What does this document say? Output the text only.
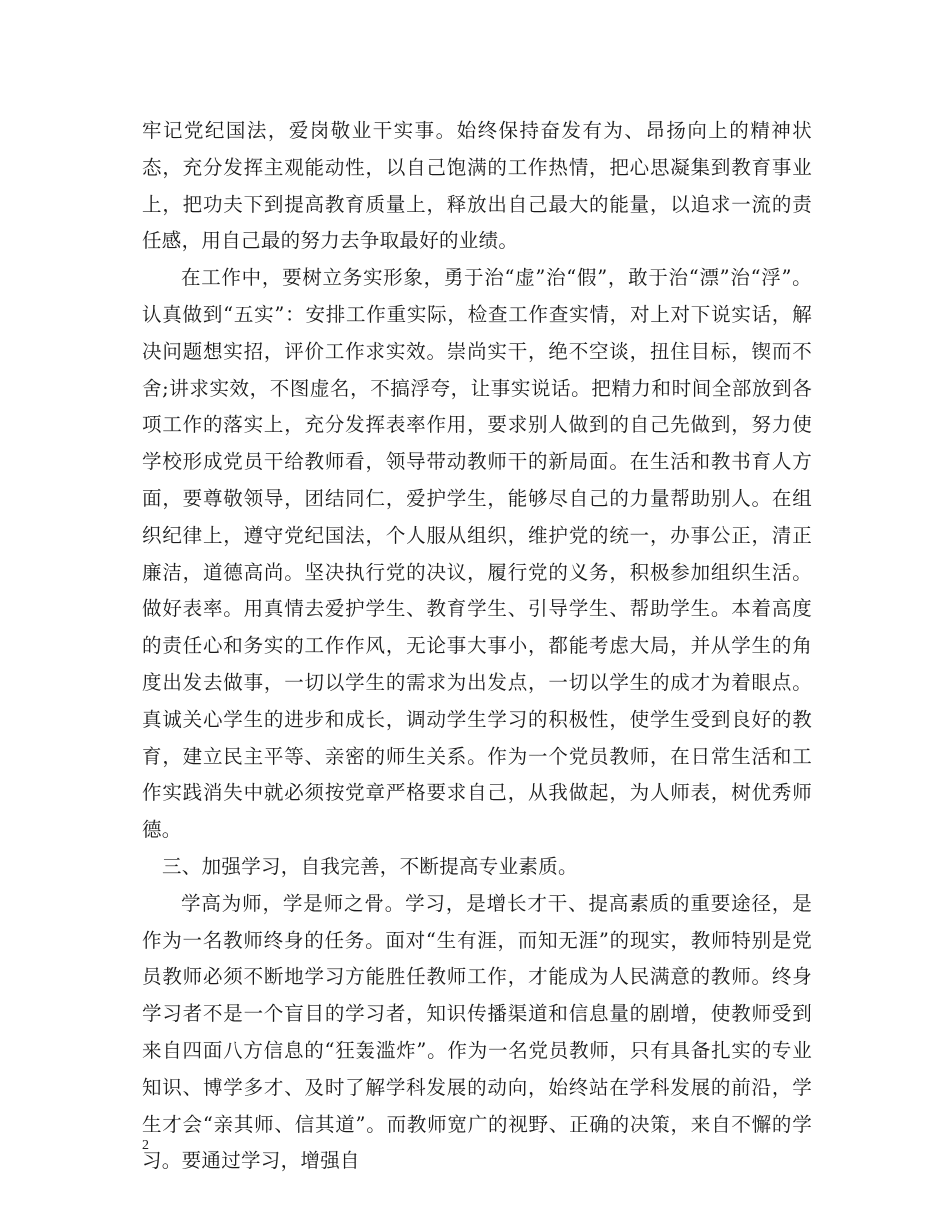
牢记党纪国法，爱岗敬业干实事。始终保持奋发有为、昂扬向上的精神状态，充分发挥主观能动性，以自己饱满的工作热情，把心思凝集到教育事业上，把功夫下到提高教育质量上，释放出自己最大的能量，以追求一流的责任感，用自己最的努力去争取最好的业绩。

在工作中，要树立务实形象，勇于治“虚”治“假”，敢于治“漂”治“浮”。认真做到“五实”：安排工作重实际，检查工作查实情，对上对下说实话，解决问题想实招，评价工作求实效。崇尚实干，绝不空谈，扭住目标，锲而不舍;讲求实效，不图虚名，不搞浮夸，让事实说话。把精力和时间全部放到各项工作的落实上，充分发挥表率作用，要求别人做到的自己先做到，努力使学校形成党员干给教师看，领导带动教师干的新局面。在生活和教书育人方面，要尊敬领导，团结同仁，爱护学生，能够尽自己的力量帮助别人。在组织纪律上，遵守党纪国法，个人服从组织，维护党的统一，办事公正，清正廉洁，道德高尚。坚决执行党的决议，履行党的义务，积极参加组织生活。做好表率。用真情去爱护学生、教育学生、引导学生、帮助学生。本着高度的责任心和务实的工作作风，无论事大事小，都能考虑大局，并从学生的角度出发去做事，一切以学生的需求为出发点，一切以学生的成才为着眼点。真诚关心学生的进步和成长，调动学生学习的积极性，使学生受到良好的教育，建立民主平等、亲密的师生关系。作为一个党员教师，在日常生活和工作实践消失中就必须按党章严格要求自己，从我做起，为人师表，树优秀师德。

三、加强学习，自我完善，不断提高专业素质。

学高为师，学是师之骨。学习，是增长才干、提高素质的重要途径，是作为一名教师终身的任务。面对“生有涯，而知无涯”的现实，教师特别是党员教师必须不断地学习方能胜任教师工作，才能成为人民满意的教师。终身学习者不是一个盲目的学习者，知识传播渠道和信息量的剧增，使教师受到来自四面八方信息的“狂轰滥炸”。作为一名党员教师，只有具备扎实的专业知识、博学多才、及时了解学科发展的动向，始终站在学科发展的前沿，学生才会“亲其师、信其道”。而教师宽广的视野、正确的决策，来自不懈的学习。要通过学习，增强自

2
